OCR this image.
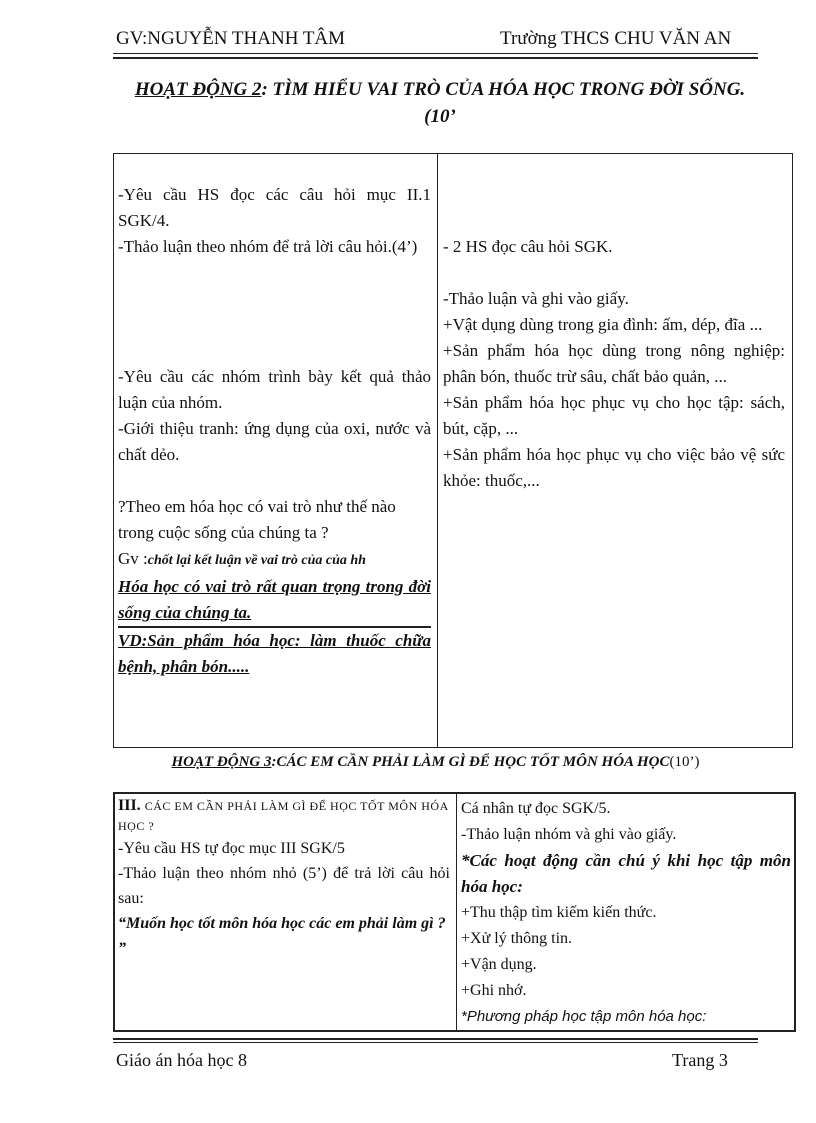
GV:NGUYỄN THANH TÂM	Trường THCS CHU VĂN AN
HOẠT ĐỘNG 2: TÌM HIỂU VAI TRÒ CỦA HÓA HỌC TRONG ĐỜI SỐNG.
(10’

-Yêu cầu HS đọc các câu hỏi mục II.1 SGK/4.

-Thảo luận theo nhóm để trả lời câu hỏi.(4’)

-Yêu cầu các nhóm trình bày kết quả thảo luận của nhóm.

-Giới thiệu tranh: ứng dụng của oxi, nước và chất dẻo.

?Theo em hóa học có vai trò như thế nào trong cuộc sống của chúng ta ?

Gv :chốt lại kết luận về vai trò của của hh

Hóa học có vai trò rất quan trọng trong đời sống của chúng ta.

VD:Sản phẩm hóa học: làm thuốc chữa bệnh, phân bón.....

- 2 HS đọc câu hỏi SGK.

-Thảo luận và ghi vào giấy.

+Vật dụng dùng trong gia đình: ấm, dép, đĩa ...

+Sản phẩm hóa học dùng trong nông nghiệp: phân bón, thuốc trừ sâu, chất bảo quản, ...

+Sản phẩm hóa học phục vụ cho học tập: sách, bút, cặp, ...

+Sản phẩm hóa học phục vụ cho việc bảo vệ sức khỏe: thuốc,...

HOẠT ĐỘNG 3:CÁC EM CẦN PHẢI LÀM GÌ ĐỂ HỌC TỐT MÔN HÓA HỌC(10’)

III. CÁC EM CẦN PHẢI LÀM GÌ ĐỂ HỌC TỐT MÔN HÓA HỌC ?

-Yêu cầu HS tự đọc mục III SGK/5

-Thảo luận theo nhóm nhỏ (5’) để trả lời câu hỏi sau:

“Muốn học tốt môn hóa học các em phải làm gì ? ”

Cá nhân tự đọc SGK/5.

-Thảo luận nhóm và ghi vào giấy.

*Các hoạt động cần chú ý khi học tập môn hóa học:

+Thu thập tìm kiếm kiến thức.

+Xử lý thông tin.

+Vận dụng.

+Ghi nhớ.

*Phương pháp học tập môn hóa học:

Giáo án hóa học 8	Trang 3
